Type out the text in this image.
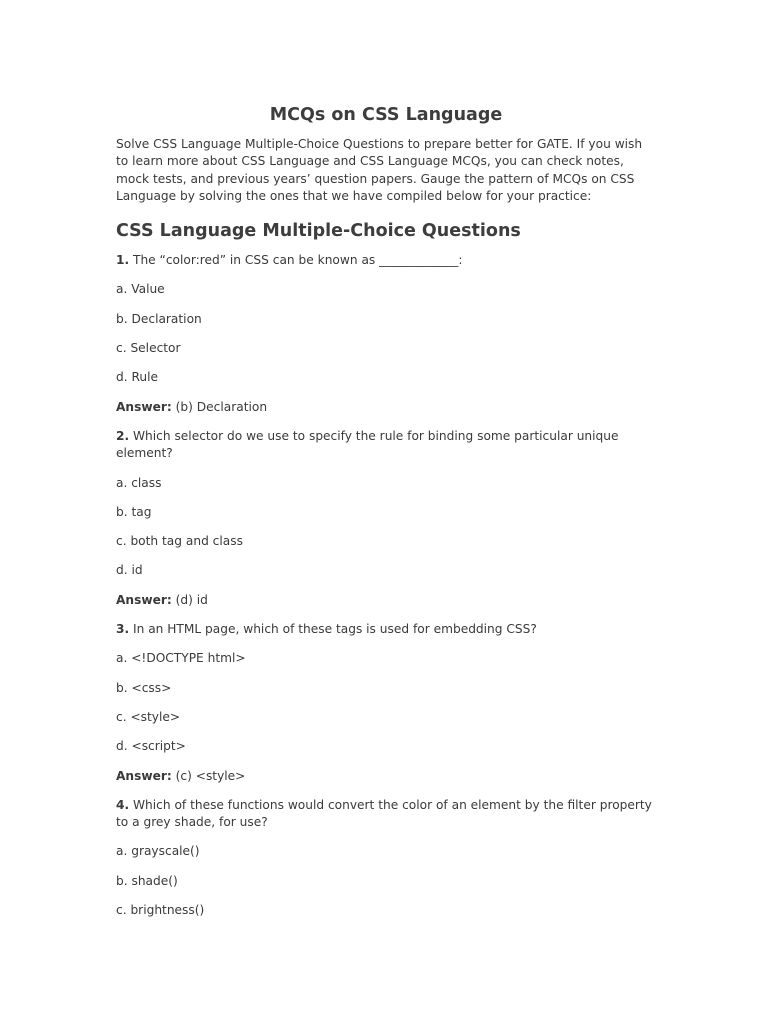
MCQs on CSS Language

Solve CSS Language Multiple-Choice Questions to prepare better for GATE. If you wish to learn more about CSS Language and CSS Language MCQs, you can check notes, mock tests, and previous years’ question papers. Gauge the pattern of MCQs on CSS Language by solving the ones that we have compiled below for your practice:

CSS Language Multiple-Choice Questions

1. The “color:red” in CSS can be known as _____________:

a. Value

b. Declaration

c. Selector

d. Rule

Answer: (b) Declaration

2. Which selector do we use to specify the rule for binding some particular unique element?

a. class

b. tag

c. both tag and class

d. id

Answer: (d) id

3. In an HTML page, which of these tags is used for embedding CSS?

a. <!DOCTYPE html>

b. <css>

c. <style>

d. <script>

Answer: (c) <style>

4. Which of these functions would convert the color of an element by the filter property to a grey shade, for use?

a. grayscale()

b. shade()

c. brightness()
